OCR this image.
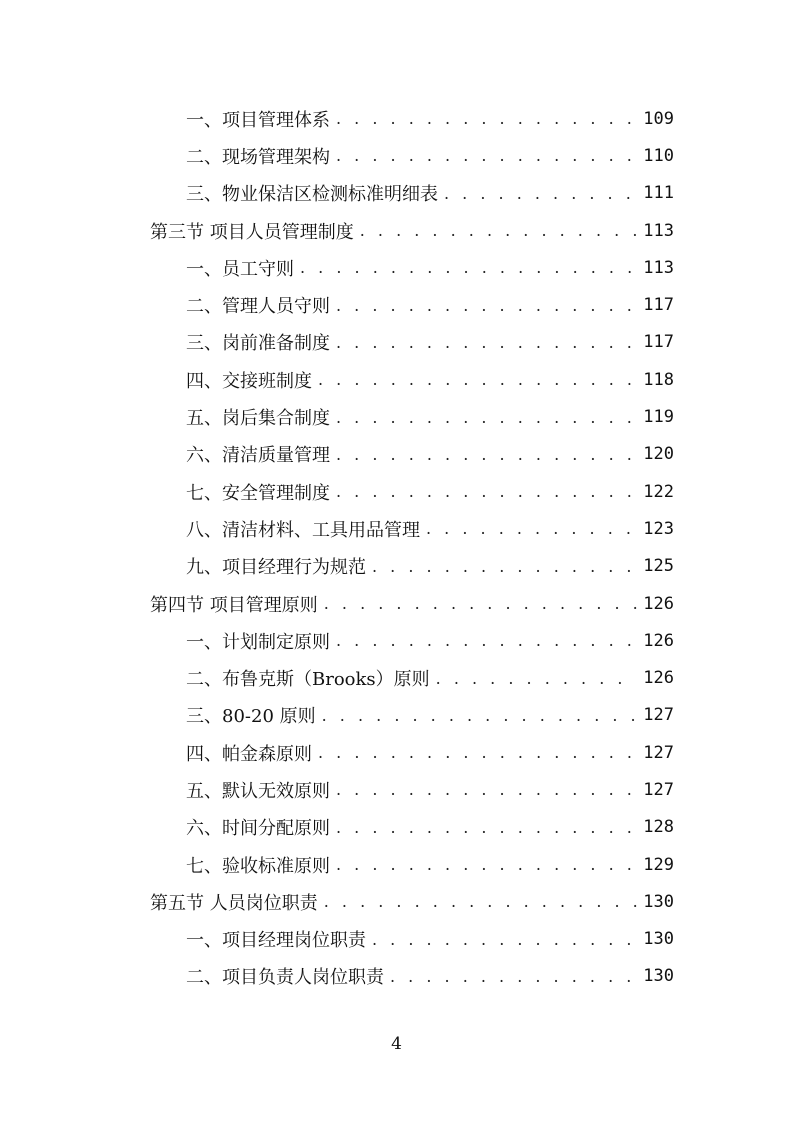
一、项目管理体系 . . .	109
二、现场管理架构 . . .	110
三、物业保洁区检测标准明细表 . . .	111
第三节 项目人员管理制度 . . .	113
一、员工守则 . . .	113
二、管理人员守则 . . .	117
三、岗前准备制度 . . .	117
四、交接班制度 . . .	118
五、岗后集合制度 . . .	119
六、清洁质量管理 . . .	120
七、安全管理制度 . . .	122
八、清洁材料、工具用品管理 . . .	123
九、项目经理行为规范 . . .	125
第四节 项目管理原则 . . .	126
一、计划制定原则 . . .	126
二、布鲁克斯（Brooks）原则 . . .	126
三、80-20 原则 . . .	127
四、帕金森原则 . . .	127
五、默认无效原则 . . .	127
六、时间分配原则 . . .	128
七、验收标准原则 . . .	129
第五节 人员岗位职责 . . .	130
一、项目经理岗位职责 . . .	130
二、项目负责人岗位职责 . . .	130
4
